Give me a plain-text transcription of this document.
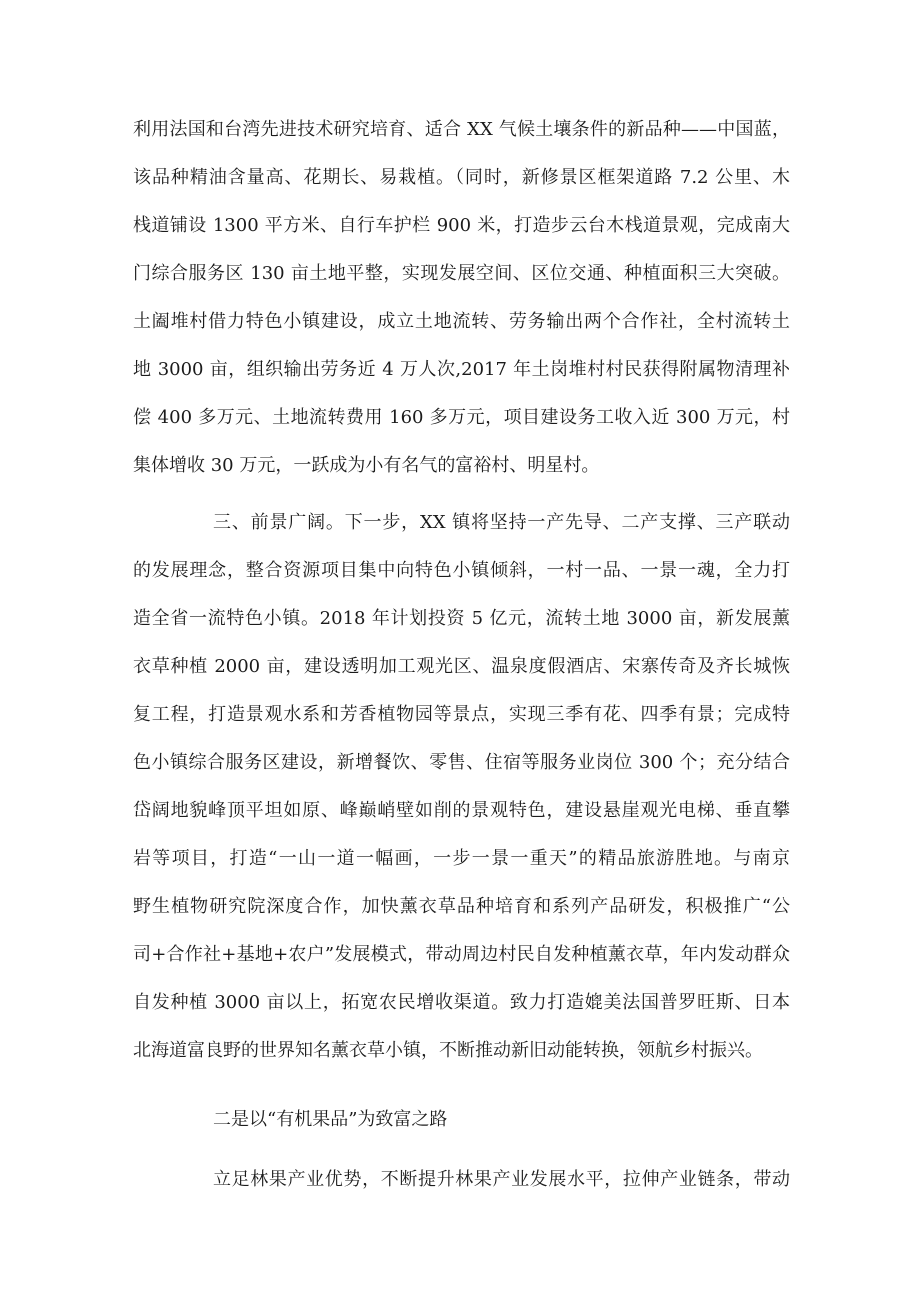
利用法国和台湾先进技术研究培育、适合 XX 气候土壤条件的新品种——中国蓝，
该品种精油含量高、花期长、易栽植。（同时，新修景区框架道路 7.2 公里、木
栈道铺设 1300 平方米、自行车护栏 900 米，打造步云台木栈道景观，完成南大
门综合服务区 130 亩土地平整，实现发展空间、区位交通、种植面积三大突破。
土阖堆村借力特色小镇建设，成立土地流转、劳务输出两个合作社，全村流转土
地 3000 亩，组织输出劳务近 4 万人次,2017 年土岗堆村村民获得附属物清理补
偿 400 多万元、土地流转费用 160 多万元，项目建设务工收入近 300 万元，村
集体增收 30 万元，一跃成为小有名气的富裕村、明星村。
三、前景广阔。下一步，XX 镇将坚持一产先导、二产支撑、三产联动
的发展理念，整合资源项目集中向特色小镇倾斜，一村一品、一景一魂，全力打
造全省一流特色小镇。2018 年计划投资 5 亿元，流转土地 3000 亩，新发展薰
衣草种植 2000 亩，建设透明加工观光区、温泉度假酒店、宋寨传奇及齐长城恢
复工程，打造景观水系和芳香植物园等景点，实现三季有花、四季有景；完成特
色小镇综合服务区建设，新增餐饮、零售、住宿等服务业岗位 300 个；充分结合
岱阔地貌峰顶平坦如原、峰巅峭壁如削的景观特色，建设悬崖观光电梯、垂直攀
岩等项目，打造“一山一道一幅画，一步一景一重天”的精品旅游胜地。与南京
野生植物研究院深度合作，加快薰衣草品种培育和系列产品研发，积极推广“公
司+合作社+基地+农户”发展模式，带动周边村民自发种植薰衣草，年内发动群众
自发种植 3000 亩以上，拓宽农民增收渠道。致力打造媲美法国普罗旺斯、日本
北海道富良野的世界知名薰衣草小镇，不断推动新旧动能转换，领航乡村振兴。
二是以“有机果品”为致富之路
立足林果产业优势，不断提升林果产业发展水平，拉伸产业链条，带动
